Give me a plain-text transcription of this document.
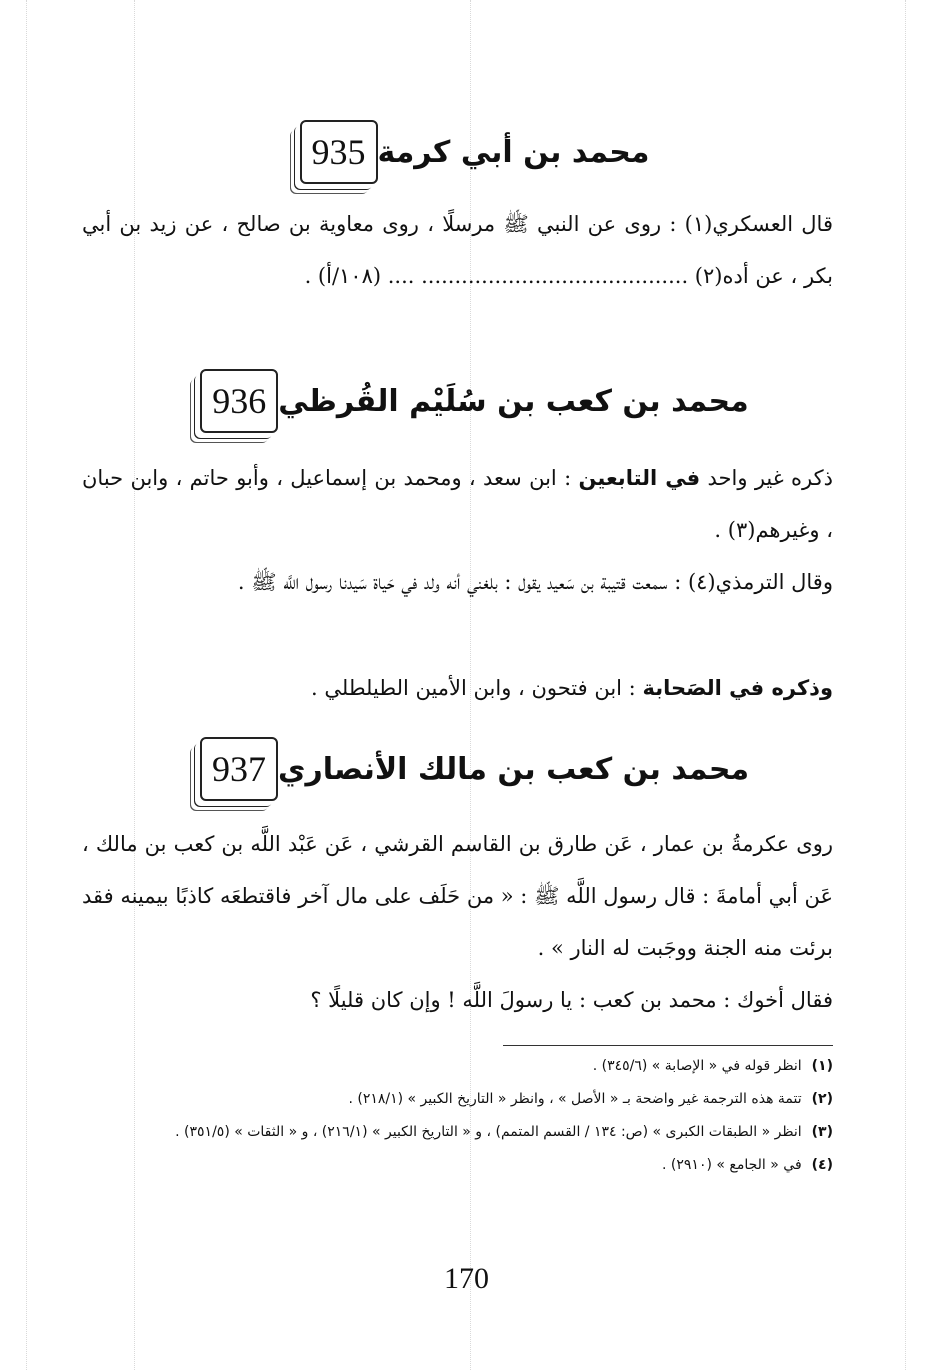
935 محمد بن أبي كرمة
قال العسكري(١) : روى عن النبي ﷺ مرسلًا ، روى معاوية بن صالح ، عن زيد بن أبي بكر ، عن أده(٢) ........................................ .... (١٠٨/أ) .
936 محمد بن كعب بن سُلَيْم القُرظي
ذكره غير واحد في التابعين : ابن سعد ، ومحمد بن إسماعيل ، وأبو حاتم ، وابن حبان ، وغيرهم(٣) .
وقال الترمذي(٤) : سمعت قتيبة بن سَعيد يقول : بلغني أنه ولد في حَياة سَيدنا رسول اللَّه ﷺ .
وذكره في الصَحابة : ابن فتحون ، وابن الأمين الطيلطلي .
937 محمد بن كعب بن مالك الأنصاري
روى عكرمةُ بن عمار ، عَن طارق بن القاسم القرشي ، عَن عَبْد اللَّه بن كعب بن مالك ، عَن أبي أمامةَ : قال رسول اللَّه ﷺ : « من حَلَف على مال آخر فاقتطعَه كاذبًا بيمينه فقد برئت منه الجنة ووجَبت له النار » .
فقال أخوك : محمد بن كعب : يا رسولَ اللَّه ! وإن كان قليلًا ؟
(١)انظر قوله في « الإصابة » (٣٤٥/٦) .
(٢)تتمة هذه الترجمة غير واضحة بـ « الأصل » ، وانظر « التاريخ الكبير » (٢١٨/١) .
(٣)انظر « الطبقات الكبرى » (ص: ١٣٤ / القسم المتمم) ، و « التاريخ الكبير » (٢١٦/١) ، و « الثقات » (٣٥١/٥) .
(٤)في « الجامع » (٢٩١٠) .
170
